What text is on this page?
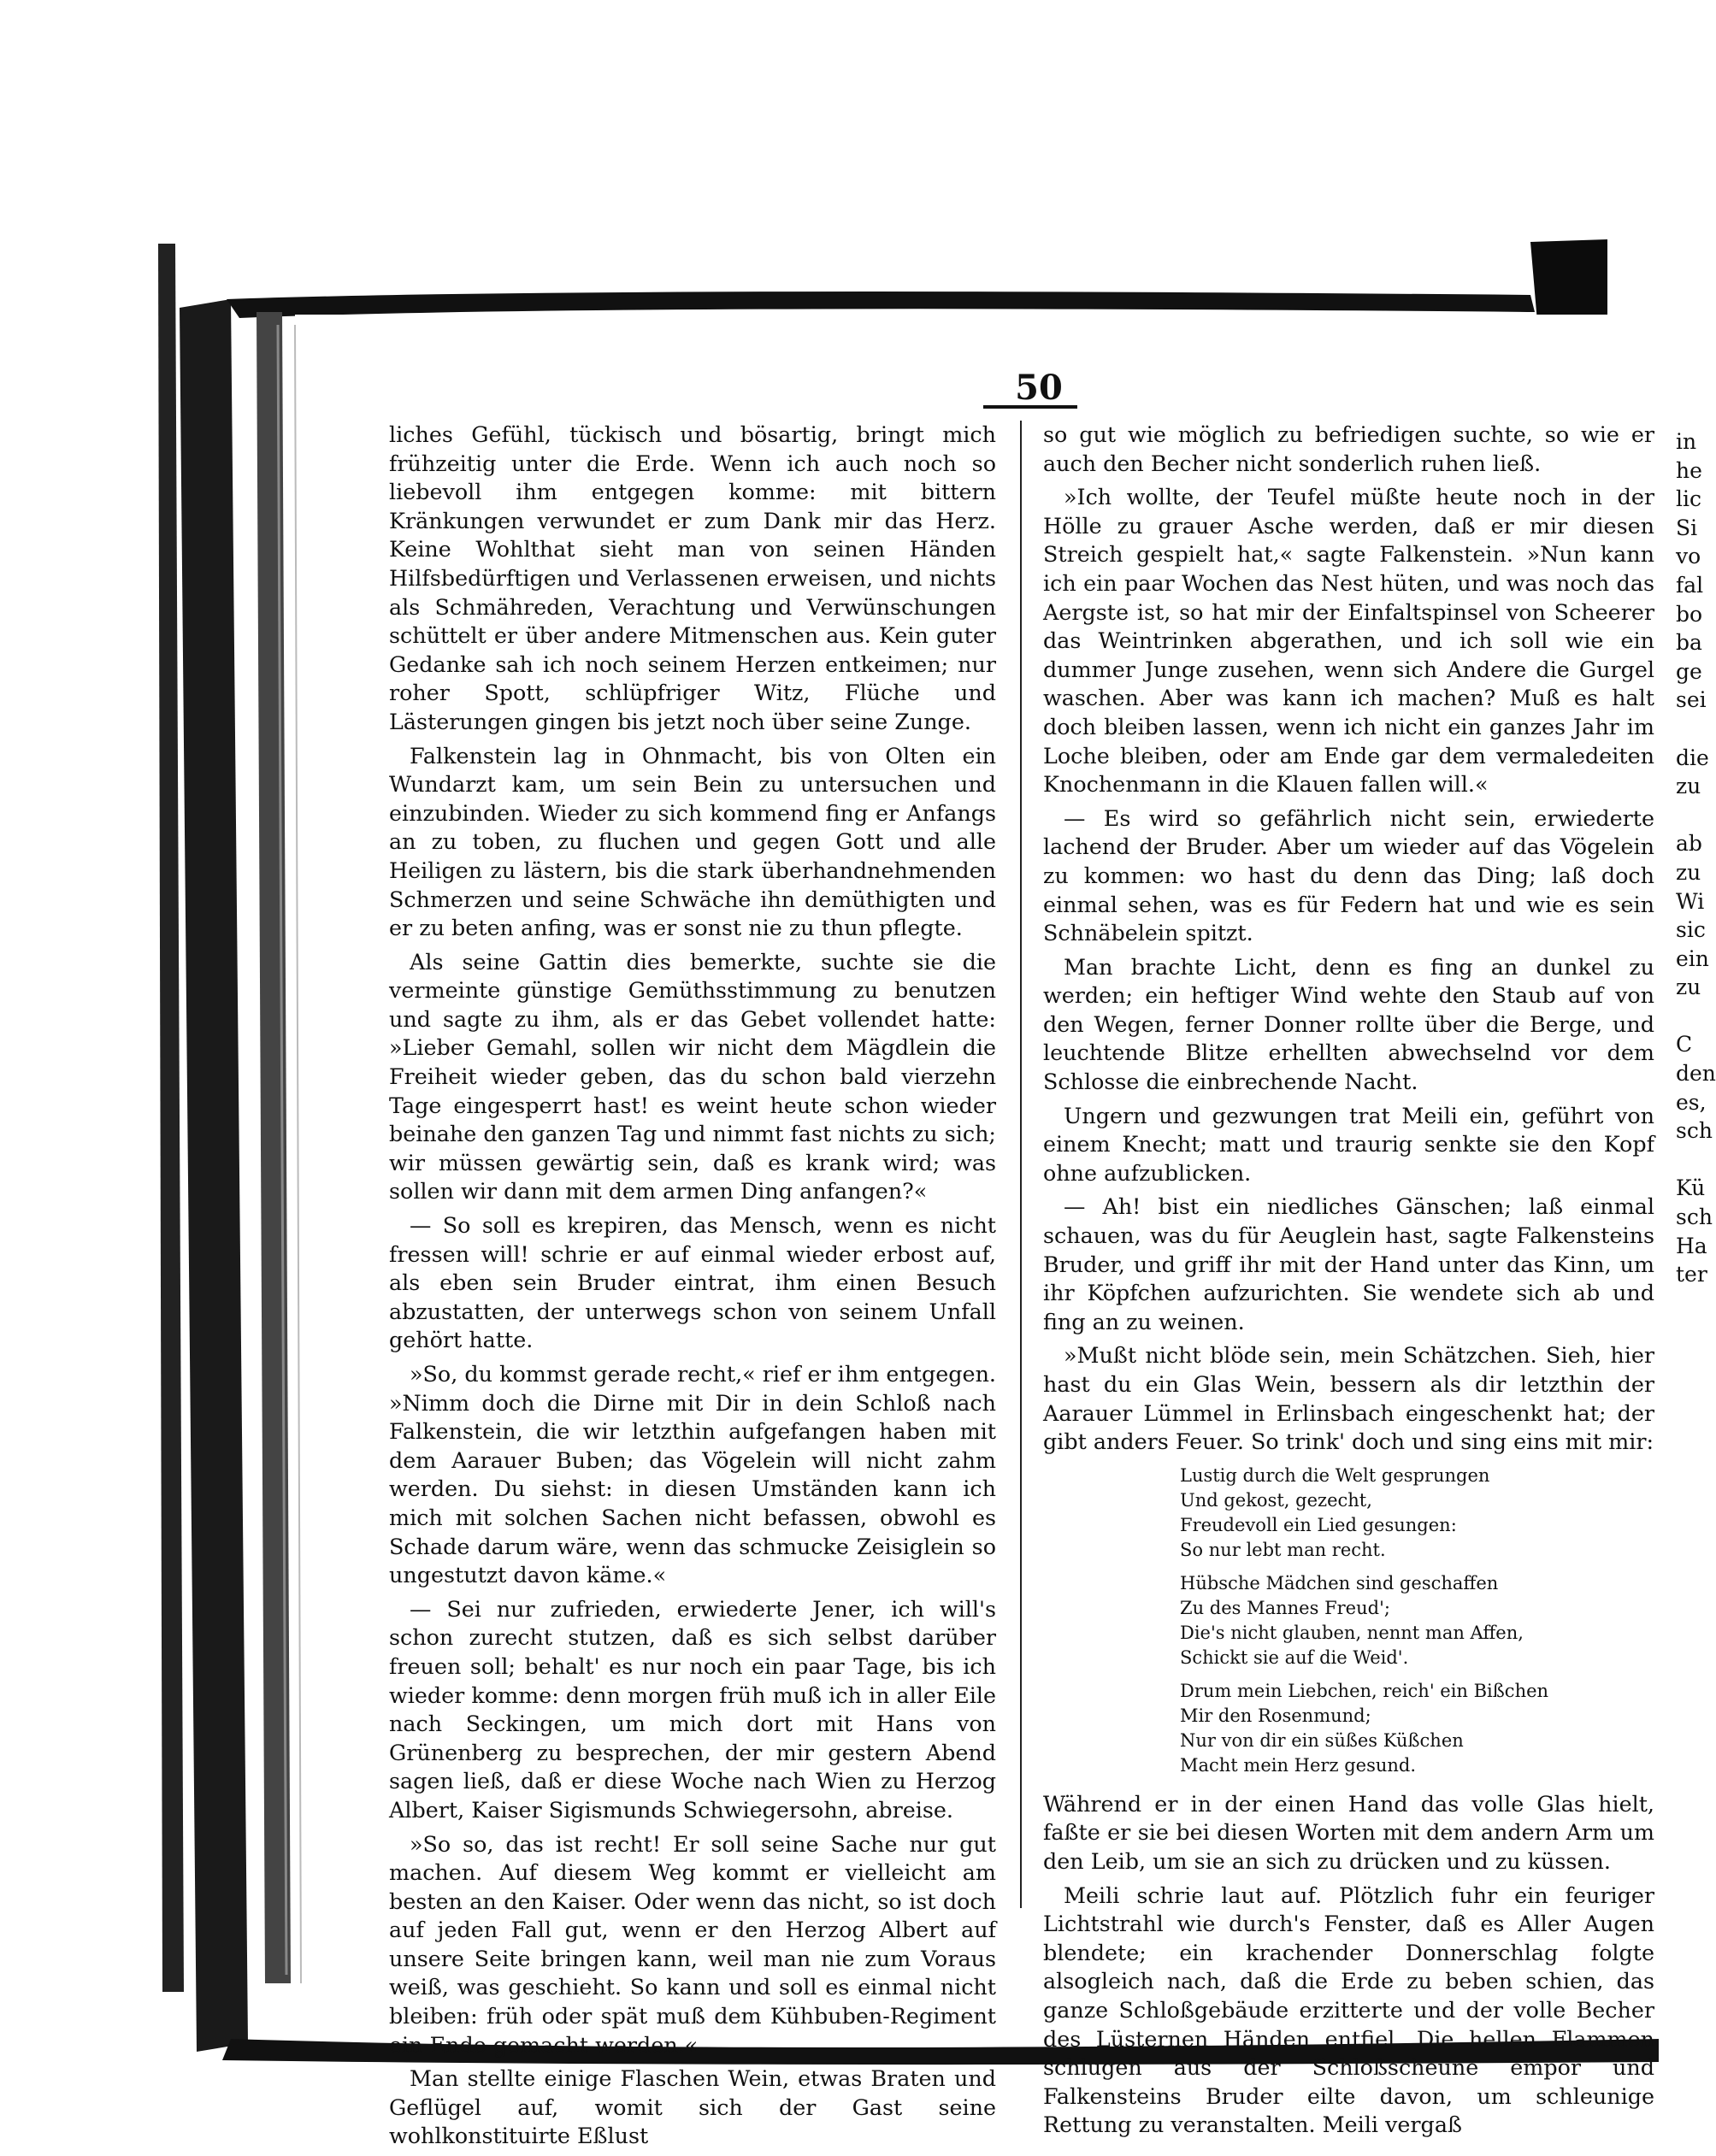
50

liches Gefühl, tückisch und bösartig, bringt mich frühzeitig unter die Erde. Wenn ich auch noch so liebevoll ihm entgegen komme: mit bittern Kränkungen verwundet er zum Dank mir das Herz. Keine Wohlthat sieht man von seinen Händen Hilfsbedürftigen und Verlassenen erweisen, und nichts als Schmähreden, Verachtung und Verwünschungen schüttelt er über andere Mitmenschen aus. Kein guter Gedanke sah ich noch seinem Herzen entkeimen; nur roher Spott, schlüpfriger Witz, Flüche und Lästerungen gingen bis jetzt noch über seine Zunge.

Falkenstein lag in Ohnmacht, bis von Olten ein Wundarzt kam, um sein Bein zu untersuchen und einzubinden. Wieder zu sich kommend fing er Anfangs an zu toben, zu fluchen und gegen Gott und alle Heiligen zu lästern, bis die stark überhandnehmenden Schmerzen und seine Schwäche ihn demüthigten und er zu beten anfing, was er sonst nie zu thun pflegte.

Als seine Gattin dies bemerkte, suchte sie die vermeinte günstige Gemüthsstimmung zu benutzen und sagte zu ihm, als er das Gebet vollendet hatte: »Lieber Gemahl, sollen wir nicht dem Mägdlein die Freiheit wieder geben, das du schon bald vierzehn Tage eingesperrt hast! es weint heute schon wieder beinahe den ganzen Tag und nimmt fast nichts zu sich; wir müssen gewärtig sein, daß es krank wird; was sollen wir dann mit dem armen Ding anfangen?«

— So soll es krepiren, das Mensch, wenn es nicht fressen will! schrie er auf einmal wieder erbost auf, als eben sein Bruder eintrat, ihm einen Besuch abzustatten, der unterwegs schon von seinem Unfall gehört hatte.

»So, du kommst gerade recht,« rief er ihm entgegen. »Nimm doch die Dirne mit Dir in dein Schloß nach Falkenstein, die wir letzthin aufgefangen haben mit dem Aarauer Buben; das Vögelein will nicht zahm werden. Du siehst: in diesen Umständen kann ich mich mit solchen Sachen nicht befassen, obwohl es Schade darum wäre, wenn das schmucke Zeisiglein so ungestutzt davon käme.«

— Sei nur zufrieden, erwiederte Jener, ich will's schon zurecht stutzen, daß es sich selbst darüber freuen soll; behalt' es nur noch ein paar Tage, bis ich wieder komme: denn morgen früh muß ich in aller Eile nach Seckingen, um mich dort mit Hans von Grünenberg zu besprechen, der mir gestern Abend sagen ließ, daß er diese Woche nach Wien zu Herzog Albert, Kaiser Sigismunds Schwiegersohn, abreise.

»So so, das ist recht! Er soll seine Sache nur gut machen. Auf diesem Weg kommt er vielleicht am besten an den Kaiser. Oder wenn das nicht, so ist doch auf jeden Fall gut, wenn er den Herzog Albert auf unsere Seite bringen kann, weil man nie zum Voraus weiß, was geschieht. So kann und soll es einmal nicht bleiben: früh oder spät muß dem Kühbuben-Regiment ein Ende gemacht werden.«

Man stellte einige Flaschen Wein, etwas Braten und Geflügel auf, womit sich der Gast seine wohlkonstituirte Eßlust

so gut wie möglich zu befriedigen suchte, so wie er auch den Becher nicht sonderlich ruhen ließ.

»Ich wollte, der Teufel müßte heute noch in der Hölle zu grauer Asche werden, daß er mir diesen Streich gespielt hat,« sagte Falkenstein. »Nun kann ich ein paar Wochen das Nest hüten, und was noch das Aergste ist, so hat mir der Einfaltspinsel von Scheerer das Weintrinken abgerathen, und ich soll wie ein dummer Junge zusehen, wenn sich Andere die Gurgel waschen. Aber was kann ich machen? Muß es halt doch bleiben lassen, wenn ich nicht ein ganzes Jahr im Loche bleiben, oder am Ende gar dem vermaledeiten Knochenmann in die Klauen fallen will.«

— Es wird so gefährlich nicht sein, erwiederte lachend der Bruder. Aber um wieder auf das Vögelein zu kommen: wo hast du denn das Ding; laß doch einmal sehen, was es für Federn hat und wie es sein Schnäbelein spitzt.

Man brachte Licht, denn es fing an dunkel zu werden; ein heftiger Wind wehte den Staub auf von den Wegen, ferner Donner rollte über die Berge, und leuchtende Blitze erhellten abwechselnd vor dem Schlosse die einbrechende Nacht.

Ungern und gezwungen trat Meili ein, geführt von einem Knecht; matt und traurig senkte sie den Kopf ohne aufzublicken.

— Ah! bist ein niedliches Gänschen; laß einmal schauen, was du für Aeuglein hast, sagte Falkensteins Bruder, und griff ihr mit der Hand unter das Kinn, um ihr Köpfchen aufzurichten. Sie wendete sich ab und fing an zu weinen.

»Mußt nicht blöde sein, mein Schätzchen. Sieh, hier hast du ein Glas Wein, bessern als dir letzthin der Aarauer Lümmel in Erlinsbach eingeschenkt hat; der gibt anders Feuer. So trink' doch und sing eins mit mir:

Lustig durch die Welt gesprungen
Und gekost, gezecht,
Freudevoll ein Lied gesungen:
So nur lebt man recht.
Hübsche Mädchen sind geschaffen
Zu des Mannes Freud';
Die's nicht glauben, nennt man Affen,
Schickt sie auf die Weid'.
Drum mein Liebchen, reich' ein Bißchen
Mir den Rosenmund;
Nur von dir ein süßes Küßchen
Macht mein Herz gesund.

Während er in der einen Hand das volle Glas hielt, faßte er sie bei diesen Worten mit dem andern Arm um den Leib, um sie an sich zu drücken und zu küssen.

Meili schrie laut auf. Plötzlich fuhr ein feuriger Lichtstrahl wie durch's Fenster, daß es Aller Augen blendete; ein krachender Donnerschlag folgte alsogleich nach, daß die Erde zu beben schien, das ganze Schloßgebäude erzitterte und der volle Becher des Lüsternen Händen entfiel. Die hellen Flammen schlugen aus der Schloßscheune empor und Falkensteins Bruder eilte davon, um schleunige Rettung zu veranstalten. Meili vergaß

in
he
lic
Si
vo
fal
bo
ba
ge
sei
die
zu
ab
zu
Wi
sic
ein
zu
C
den
es,
sch
Kü
sch
Ha
ter
